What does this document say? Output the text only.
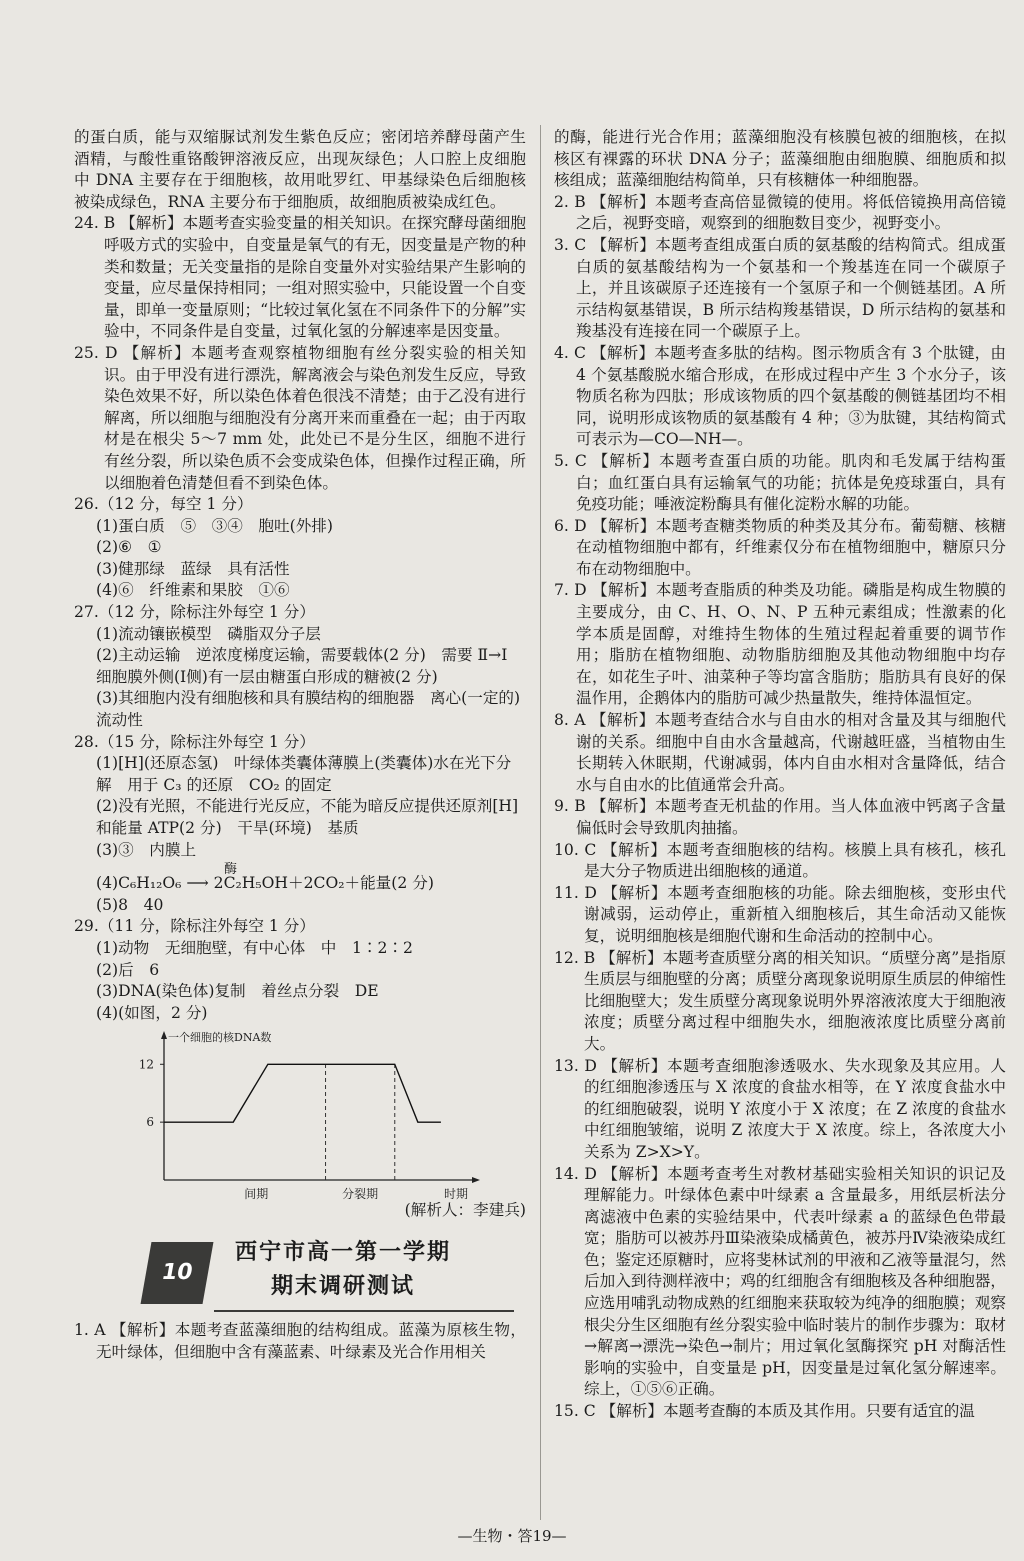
的蛋白质，能与双缩脲试剂发生紫色反应；密闭培养酵母菌产生酒精，与酸性重铬酸钾溶液反应，出现灰绿色；人口腔上皮细胞中 DNA 主要存在于细胞核，故用吡罗红、甲基绿染色后细胞核被染成绿色，RNA 主要分布于细胞质，故细胞质被染成红色。

24. B 【解析】本题考查实验变量的相关知识。在探究酵母菌细胞呼吸方式的实验中，自变量是氧气的有无，因变量是产物的种类和数量；无关变量指的是除自变量外对实验结果产生影响的变量，应尽量保持相同；一组对照实验中，只能设置一个自变量，即单一变量原则；“比较过氧化氢在不同条件下的分解”实验中，不同条件是自变量，过氧化氢的分解速率是因变量。

25. D 【解析】本题考查观察植物细胞有丝分裂实验的相关知识。由于甲没有进行漂洗，解离液会与染色剂发生反应，导致染色效果不好，所以染色体着色很浅不清楚；由于乙没有进行解离，所以细胞与细胞没有分离开来而重叠在一起；由于丙取材是在根尖 5～7 mm 处，此处已不是分生区，细胞不进行有丝分裂，所以染色质不会变成染色体，但操作过程正确，所以细胞着色清楚但看不到染色体。

26.（12 分，每空 1 分）

(1)蛋白质　⑤　③④　胞吐(外排)

(2)⑥　①

(3)健那绿　蓝绿　具有活性

(4)⑥　纤维素和果胶　①⑥

27.（12 分，除标注外每空 1 分）

(1)流动镶嵌模型　磷脂双分子层

(2)主动运输　逆浓度梯度运输，需要载体(2 分)　需要 Ⅱ→Ⅰ　细胞膜外侧(Ⅰ侧)有一层由糖蛋白形成的糖被(2 分)

(3)其细胞内没有细胞核和具有膜结构的细胞器　离心(一定的)流动性

28.（15 分，除标注外每空 1 分）

(1)[H](还原态氢)　叶绿体类囊体薄膜上(类囊体)水在光下分解　用于 C₃ 的还原　CO₂ 的固定

(2)没有光照，不能进行光反应，不能为暗反应提供还原剂[H]和能量 ATP(2 分)　干旱(环境)　基质

(3)③　内膜上

酶
(4)C₆H₁₂O₆ ⟶ 2C₂H₅OH＋2CO₂＋能量(2 分)

(5)8　40

29.（11 分，除标注外每空 1 分）

(1)动物　无细胞壁，有中心体　中　1∶2∶2

(2)后　6

(3)DNA(染色体)复制　着丝点分裂　DE

(4)(如图，2 分)

一个细胞的核DNA数
时期
6
12
间期	分裂期

(解析人：李建兵)

10
西宁市高一第一学期
期末调研测试

1. A 【解析】本题考查蓝藻细胞的结构组成。蓝藻为原核生物，无叶绿体，但细胞中含有藻蓝素、叶绿素及光合作用相关

的酶，能进行光合作用；蓝藻细胞没有核膜包被的细胞核，在拟核区有裸露的环状 DNA 分子；蓝藻细胞由细胞膜、细胞质和拟核组成；蓝藻细胞结构简单，只有核糖体一种细胞器。

2. B 【解析】本题考查高倍显微镜的使用。将低倍镜换用高倍镜之后，视野变暗，观察到的细胞数目变少，视野变小。

3. C 【解析】本题考查组成蛋白质的氨基酸的结构简式。组成蛋白质的氨基酸结构为一个氨基和一个羧基连在同一个碳原子上，并且该碳原子还连接有一个氢原子和一个侧链基团。A 所示结构氨基错误，B 所示结构羧基错误，D 所示结构的氨基和羧基没有连接在同一个碳原子上。

4. C 【解析】本题考查多肽的结构。图示物质含有 3 个肽键，由 4 个氨基酸脱水缩合形成，在形成过程中产生 3 个水分子，该物质名称为四肽；形成该物质的四个氨基酸的侧链基团均不相同，说明形成该物质的氨基酸有 4 种；③为肽键，其结构简式可表示为—CO—NH—。

5. C 【解析】本题考查蛋白质的功能。肌肉和毛发属于结构蛋白；血红蛋白具有运输氧气的功能；抗体是免疫球蛋白，具有免疫功能；唾液淀粉酶具有催化淀粉水解的功能。

6. D 【解析】本题考查糖类物质的种类及其分布。葡萄糖、核糖在动植物细胞中都有，纤维素仅分布在植物细胞中，糖原只分布在动物细胞中。

7. D 【解析】本题考查脂质的种类及功能。磷脂是构成生物膜的主要成分，由 C、H、O、N、P 五种元素组成；性激素的化学本质是固醇，对维持生物体的生殖过程起着重要的调节作用；脂肪在植物细胞、动物脂肪细胞及其他动物细胞中均存在，如花生子叶、油菜种子等均富含脂肪；脂肪具有良好的保温作用，企鹅体内的脂肪可减少热量散失，维持体温恒定。

8. A 【解析】本题考查结合水与自由水的相对含量及其与细胞代谢的关系。细胞中自由水含量越高，代谢越旺盛，当植物由生长期转入休眠期，代谢减弱，体内自由水相对含量降低，结合水与自由水的比值通常会升高。

9. B 【解析】本题考查无机盐的作用。当人体血液中钙离子含量偏低时会导致肌肉抽搐。

10. C 【解析】本题考查细胞核的结构。核膜上具有核孔，核孔是大分子物质进出细胞核的通道。

11. D 【解析】本题考查细胞核的功能。除去细胞核，变形虫代谢减弱，运动停止，重新植入细胞核后，其生命活动又能恢复，说明细胞核是细胞代谢和生命活动的控制中心。

12. B 【解析】本题考查质壁分离的相关知识。“质壁分离”是指原生质层与细胞壁的分离；质壁分离现象说明原生质层的伸缩性比细胞壁大；发生质壁分离现象说明外界溶液浓度大于细胞液浓度；质壁分离过程中细胞失水，细胞液浓度比质壁分离前大。

13. D 【解析】本题考查细胞渗透吸水、失水现象及其应用。人的红细胞渗透压与 X 浓度的食盐水相等，在 Y 浓度食盐水中的红细胞破裂，说明 Y 浓度小于 X 浓度；在 Z 浓度的食盐水中红细胞皱缩，说明 Z 浓度大于 X 浓度。综上，各浓度大小关系为 Z>X>Y。

14. D 【解析】本题考查考生对教材基础实验相关知识的识记及理解能力。叶绿体色素中叶绿素 a 含量最多，用纸层析法分离滤液中色素的实验结果中，代表叶绿素 a 的蓝绿色色带最宽；脂肪可以被苏丹Ⅲ染液染成橘黄色，被苏丹Ⅳ染液染成红色；鉴定还原糖时，应将斐林试剂的甲液和乙液等量混匀，然后加入到待测样液中；鸡的红细胞含有细胞核及各种细胞器，应选用哺乳动物成熟的红细胞来获取较为纯净的细胞膜；观察根尖分生区细胞有丝分裂实验中临时装片的制作步骤为：取材→解离→漂洗→染色→制片；用过氧化氢酶探究 pH 对酶活性影响的实验中，自变量是 pH，因变量是过氧化氢分解速率。综上，①⑤⑥正确。

15. C 【解析】本题考查酶的本质及其作用。只要有适宜的温

—生物・答19—
